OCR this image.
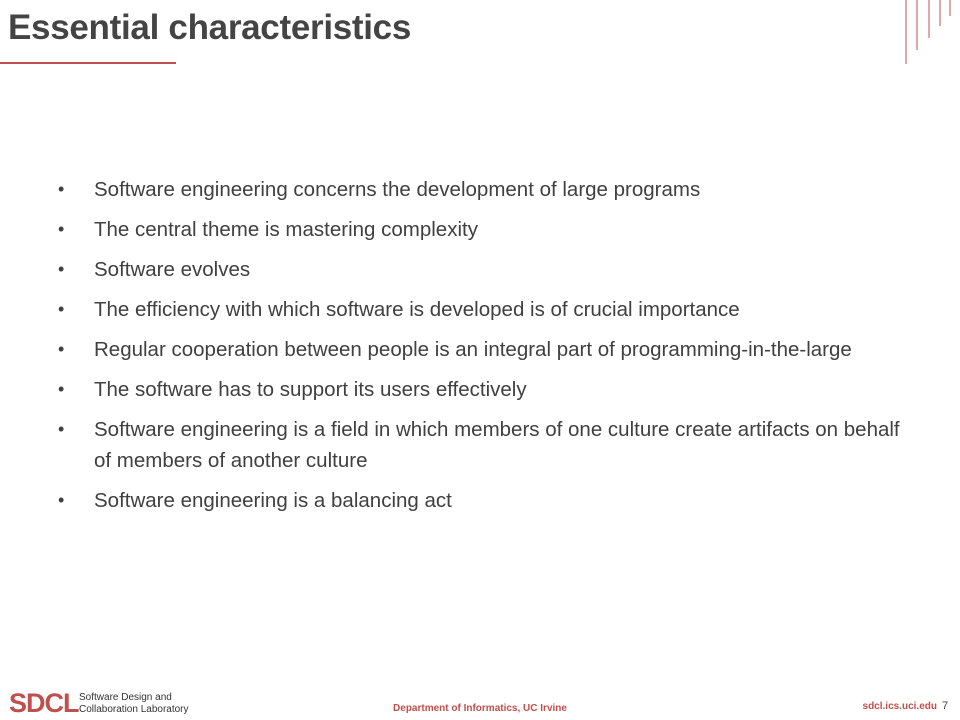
Essential characteristics
• Software engineering concerns the development of large programs
• The central theme is mastering complexity
• Software evolves
• The efficiency with which software is developed is of crucial importance
• Regular cooperation between people is an integral part of programming-in-the-large
• The software has to support its users effectively
• Software engineering is a field in which members of one culture create artifacts on behalf of members of another culture
• Software engineering is a balancing act
SDCL Software Design and
Collaboration Laboratory	Department of Informatics, UC Irvine	sdcl.ics.uci.edu 7
